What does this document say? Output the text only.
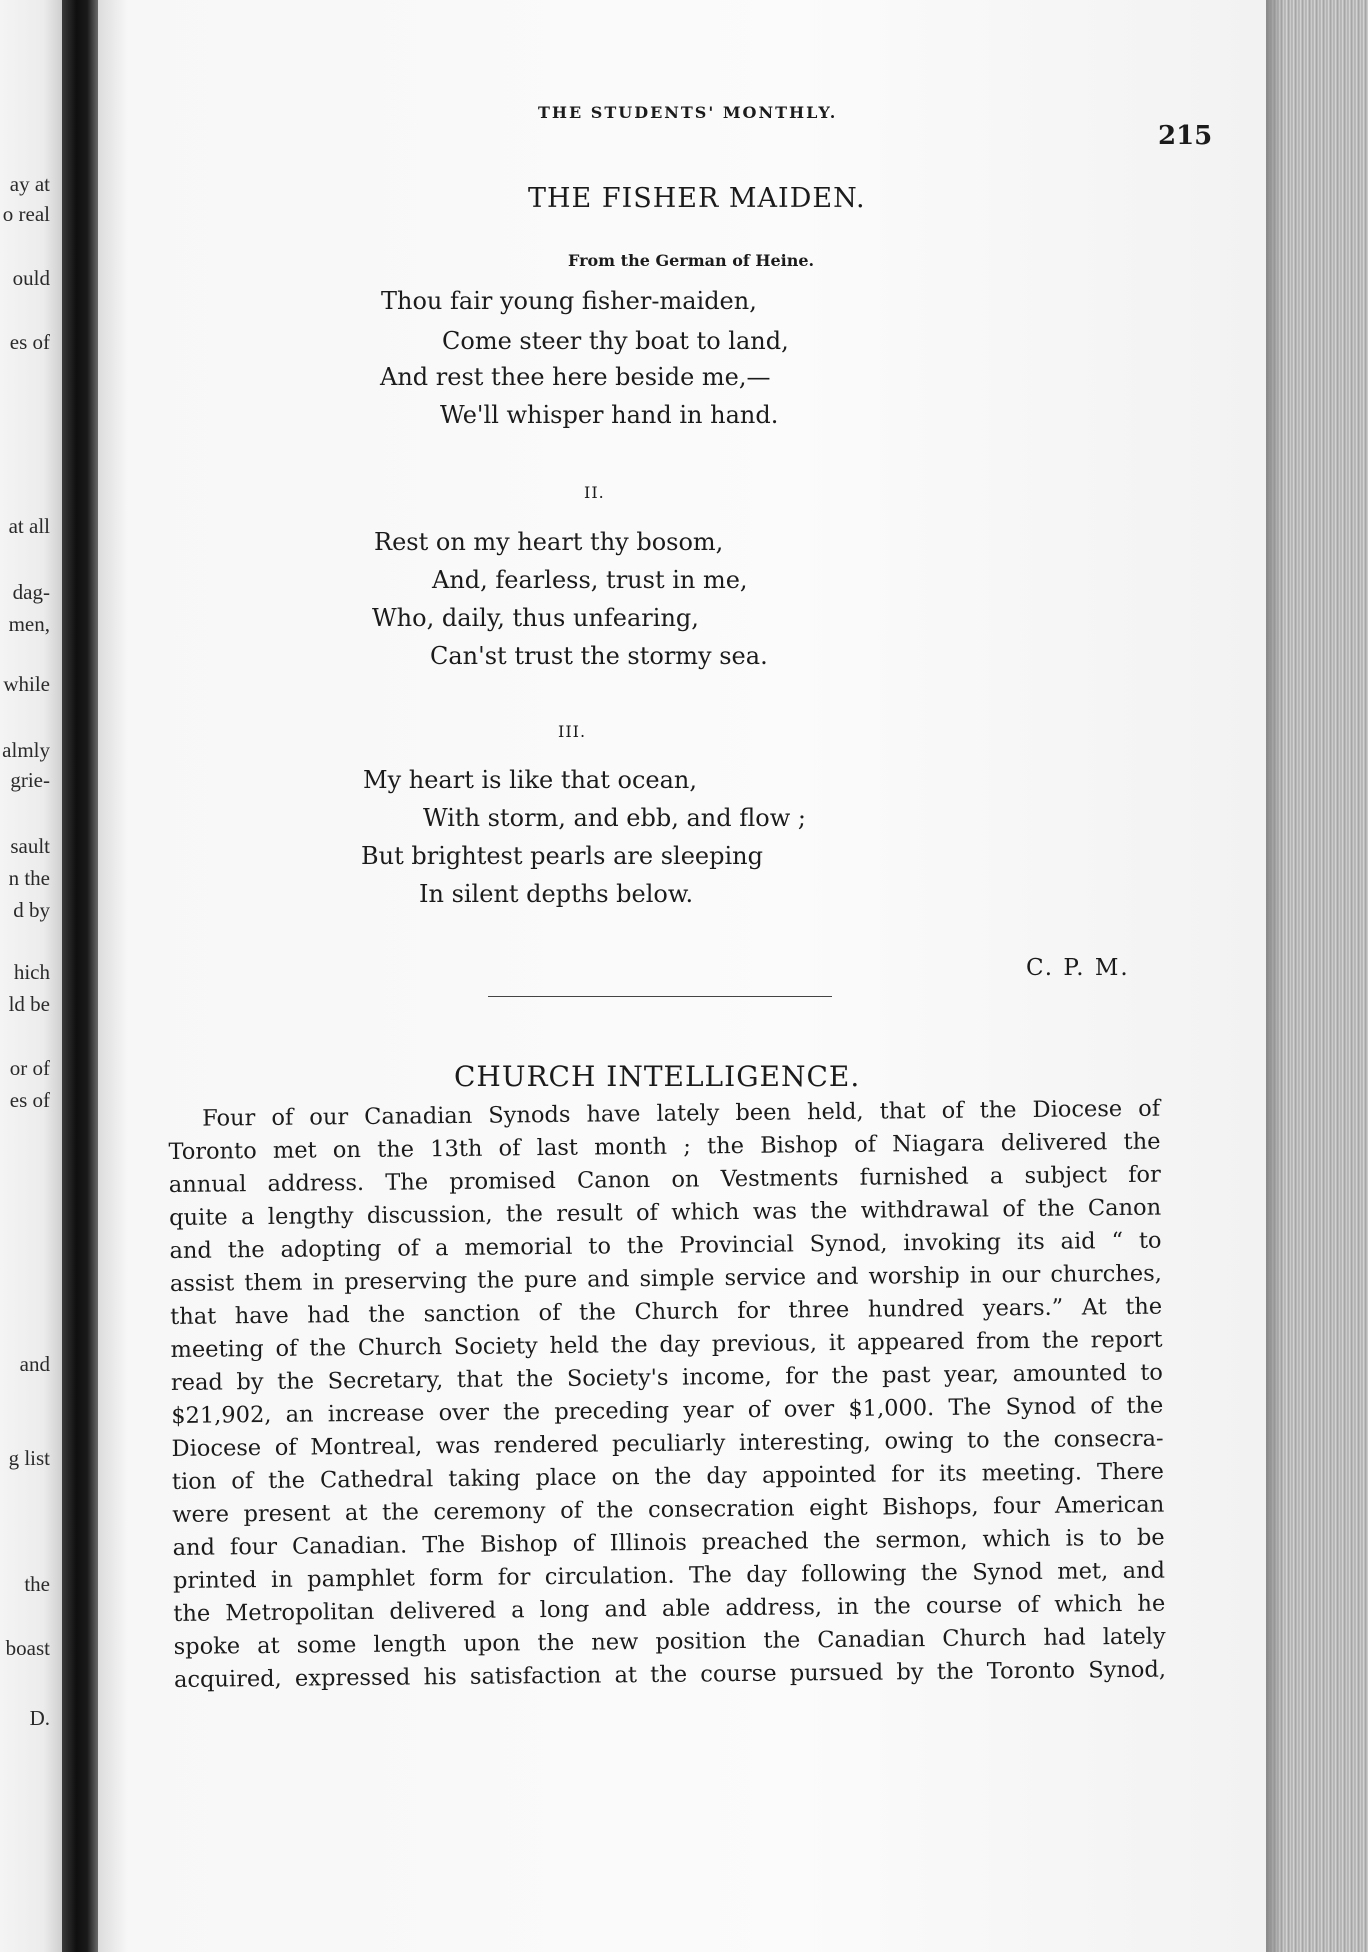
ay at
o real
ould
es of
at all
dag-
men,
while
almly
grie-
sault
n the
d by
hich
ld be
or of
es of
and
g list
the
boast
D.
THE STUDENTS' MONTHLY.
215
THE FISHER MAIDEN.
From the German of Heine.
Thou fair young fisher-maiden,
Come steer thy boat to land,
And rest thee here beside me,—
We'll whisper hand in hand.
II.
Rest on my heart thy bosom,
And, fearless, trust in me,
Who, daily, thus unfearing,
Can'st trust the stormy sea.
III.
My heart is like that ocean,
With storm, and ebb, and flow ;
But brightest pearls are sleeping
In silent depths below.
C. P. M.
CHURCH INTELLIGENCE.
Four of our Canadian Synods have lately been held, that of the Diocese of
Toronto met on the 13th of last month ; the Bishop of Niagara delivered the
annual address. The promised Canon on Vestments furnished a subject for
quite a lengthy discussion, the result of which was the withdrawal of the Canon
and the adopting of a memorial to the Provincial Synod, invoking its aid “ to
assist them in preserving the pure and simple service and worship in our churches,
that have had the sanction of the Church for three hundred years.” At the
meeting of the Church Society held the day previous, it appeared from the report
read by the Secretary, that the Society's income, for the past year, amounted to
$21,902, an increase over the preceding year of over $1,000. The Synod of the
Diocese of Montreal, was rendered peculiarly interesting, owing to the consecra-
tion of the Cathedral taking place on the day appointed for its meeting. There
were present at the ceremony of the consecration eight Bishops, four American
and four Canadian. The Bishop of Illinois preached the sermon, which is to be
printed in pamphlet form for circulation. The day following the Synod met, and
the Metropolitan delivered a long and able address, in the course of which he
spoke at some length upon the new position the Canadian Church had lately
acquired, expressed his satisfaction at the course pursued by the Toronto Synod,
